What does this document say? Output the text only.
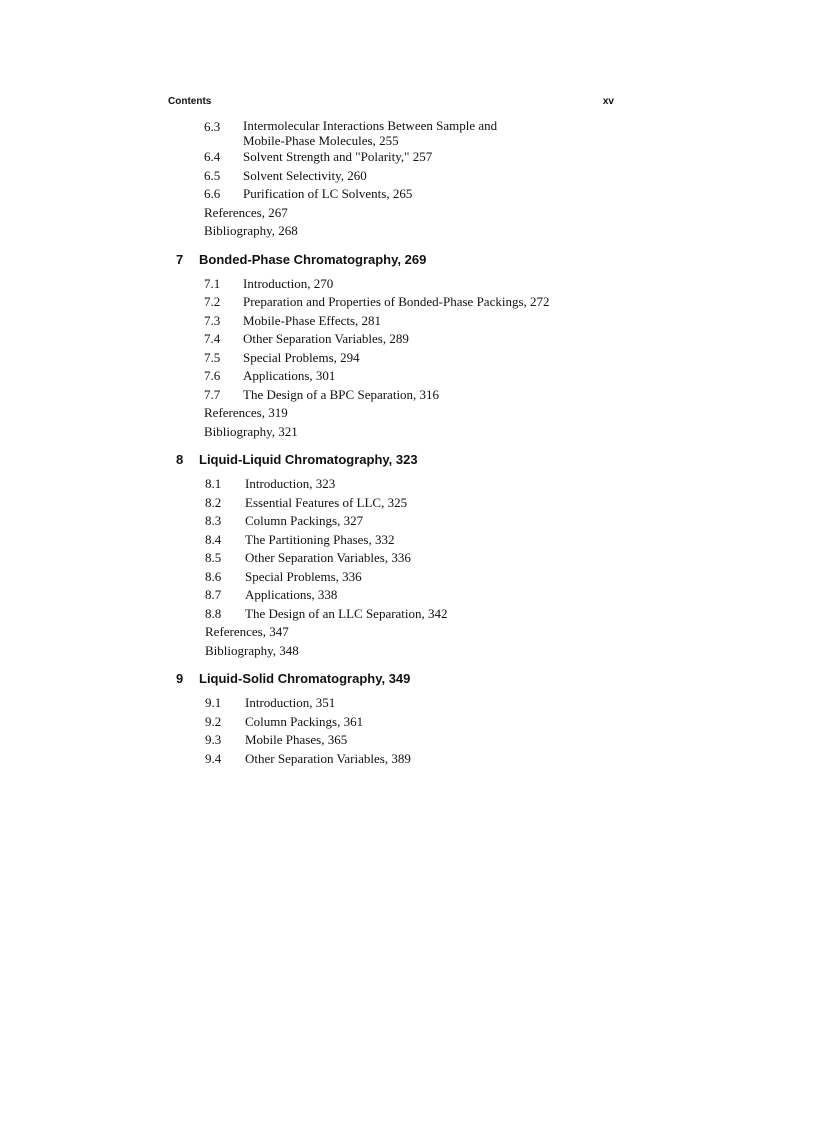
Contents	xv
6.3	Intermolecular Interactions Between Sample and
Mobile-Phase Molecules, 255
6.4	Solvent Strength and "Polarity," 257
6.5	Solvent Selectivity, 260
6.6	Purification of LC Solvents, 265
References, 267
Bibliography, 268
7	Bonded-Phase Chromatography, 269
7.1	Introduction, 270
7.2	Preparation and Properties of Bonded-Phase Packings, 272
7.3	Mobile-Phase Effects, 281
7.4	Other Separation Variables, 289
7.5	Special Problems, 294
7.6	Applications, 301
7.7	The Design of a BPC Separation, 316
References, 319
Bibliography, 321
8	Liquid-Liquid Chromatography, 323
8.1	Introduction, 323
8.2	Essential Features of LLC, 325
8.3	Column Packings, 327
8.4	The Partitioning Phases, 332
8.5	Other Separation Variables, 336
8.6	Special Problems, 336
8.7	Applications, 338
8.8	The Design of an LLC Separation, 342
References, 347
Bibliography, 348
9	Liquid-Solid Chromatography, 349
9.1	Introduction, 351
9.2	Column Packings, 361
9.3	Mobile Phases, 365
9.4	Other Separation Variables, 389
